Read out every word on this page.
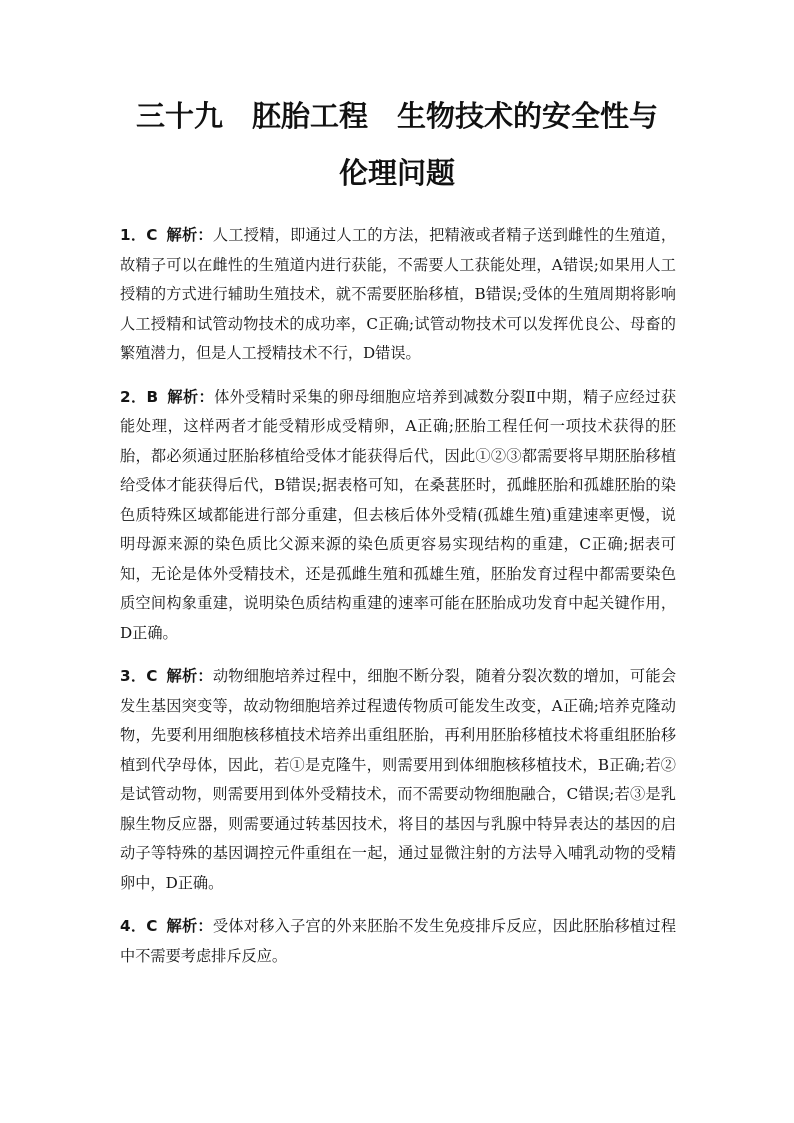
三十九　胚胎工程　生物技术的安全性与
伦理问题

1．C 解析：人工授精，即通过人工的方法，把精液或者精子送到雌性的生殖道，故精子可以在雌性的生殖道内进行获能，不需要人工获能处理，A错误;如果用人工授精的方式进行辅助生殖技术，就不需要胚胎移植，B错误;受体的生殖周期将影响人工授精和试管动物技术的成功率，C正确;试管动物技术可以发挥优良公、母畜的繁殖潜力，但是人工授精技术不行，D错误。

2．B 解析：体外受精时采集的卵母细胞应培养到减数分裂Ⅱ中期，精子应经过获能处理，这样两者才能受精形成受精卵，A正确;胚胎工程任何一项技术获得的胚胎，都必须通过胚胎移植给受体才能获得后代，因此①②③都需要将早期胚胎移植给受体才能获得后代，B错误;据表格可知，在桑葚胚时，孤雌胚胎和孤雄胚胎的染色质特殊区域都能进行部分重建，但去核后体外受精(孤雄生殖)重建速率更慢，说明母源来源的染色质比父源来源的染色质更容易实现结构的重建，C正确;据表可知，无论是体外受精技术，还是孤雌生殖和孤雄生殖，胚胎发育过程中都需要染色质空间构象重建，说明染色质结构重建的速率可能在胚胎成功发育中起关键作用，D正确。

3．C 解析：动物细胞培养过程中，细胞不断分裂，随着分裂次数的增加，可能会发生基因突变等，故动物细胞培养过程遗传物质可能发生改变，A正确;培养克隆动物，先要利用细胞核移植技术培养出重组胚胎，再利用胚胎移植技术将重组胚胎移植到代孕母体，因此，若①是克隆牛，则需要用到体细胞核移植技术，B正确;若②是试管动物，则需要用到体外受精技术，而不需要动物细胞融合，C错误;若③是乳腺生物反应器，则需要通过转基因技术，将目的基因与乳腺中特异表达的基因的启动子等特殊的基因调控元件重组在一起，通过显微注射的方法导入哺乳动物的受精卵中，D正确。

4．C 解析：受体对移入子宫的外来胚胎不发生免疫排斥反应，因此胚胎移植过程中不需要考虑排斥反应。
